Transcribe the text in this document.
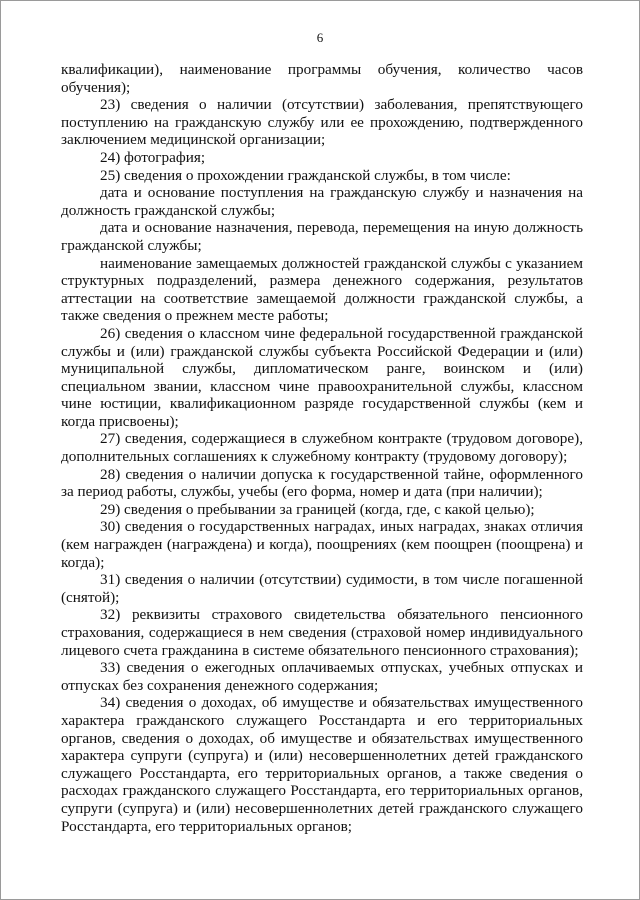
6

квалификации), наименование программы обучения, количество часов обучения);

23) сведения о наличии (отсутствии) заболевания, препятствующего поступлению на гражданскую службу или ее прохождению, подтвержденного заключением медицинской организации;

24) фотография;

25) сведения о прохождении гражданской службы, в том числе:

дата и основание поступления на гражданскую службу и назначения на должность гражданской службы;

дата и основание назначения, перевода, перемещения на иную должность гражданской службы;

наименование замещаемых должностей гражданской службы с указанием структурных подразделений, размера денежного содержания, результатов аттестации на соответствие замещаемой должности гражданской службы, а также сведения о прежнем месте работы;

26) сведения о классном чине федеральной государственной гражданской службы и (или) гражданской службы субъекта Российской Федерации и (или) муниципальной службы, дипломатическом ранге, воинском и (или) специальном звании, классном чине правоохранительной службы, классном чине юстиции, квалификационном разряде государственной службы (кем и когда присвоены);

27) сведения, содержащиеся в служебном контракте (трудовом договоре), дополнительных соглашениях к служебному контракту (трудовому договору);

28) сведения о наличии допуска к государственной тайне, оформленного за период работы, службы, учебы (его форма, номер и дата (при наличии);

29) сведения о пребывании за границей (когда, где, с какой целью);

30) сведения о государственных наградах, иных наградах, знаках отличия (кем награжден (награждена) и когда), поощрениях (кем поощрен (поощрена) и когда);

31) сведения о наличии (отсутствии) судимости, в том числе погашенной (снятой);

32) реквизиты страхового свидетельства обязательного пенсионного страхования, содержащиеся в нем сведения (страховой номер индивидуального лицевого счета гражданина в системе обязательного пенсионного страхования);

33) сведения о ежегодных оплачиваемых отпусках, учебных отпусках и отпусках без сохранения денежного содержания;

34) сведения о доходах, об имуществе и обязательствах имущественного характера гражданского служащего Росстандарта и его территориальных органов, сведения о доходах, об имуществе и обязательствах имущественного характера супруги (супруга) и (или) несовершеннолетних детей гражданского служащего Росстандарта, его территориальных органов, а также сведения о расходах гражданского служащего Росстандарта, его территориальных органов, супруги (супруга) и (или) несовершеннолетних детей гражданского служащего Росстандарта, его территориальных органов;
